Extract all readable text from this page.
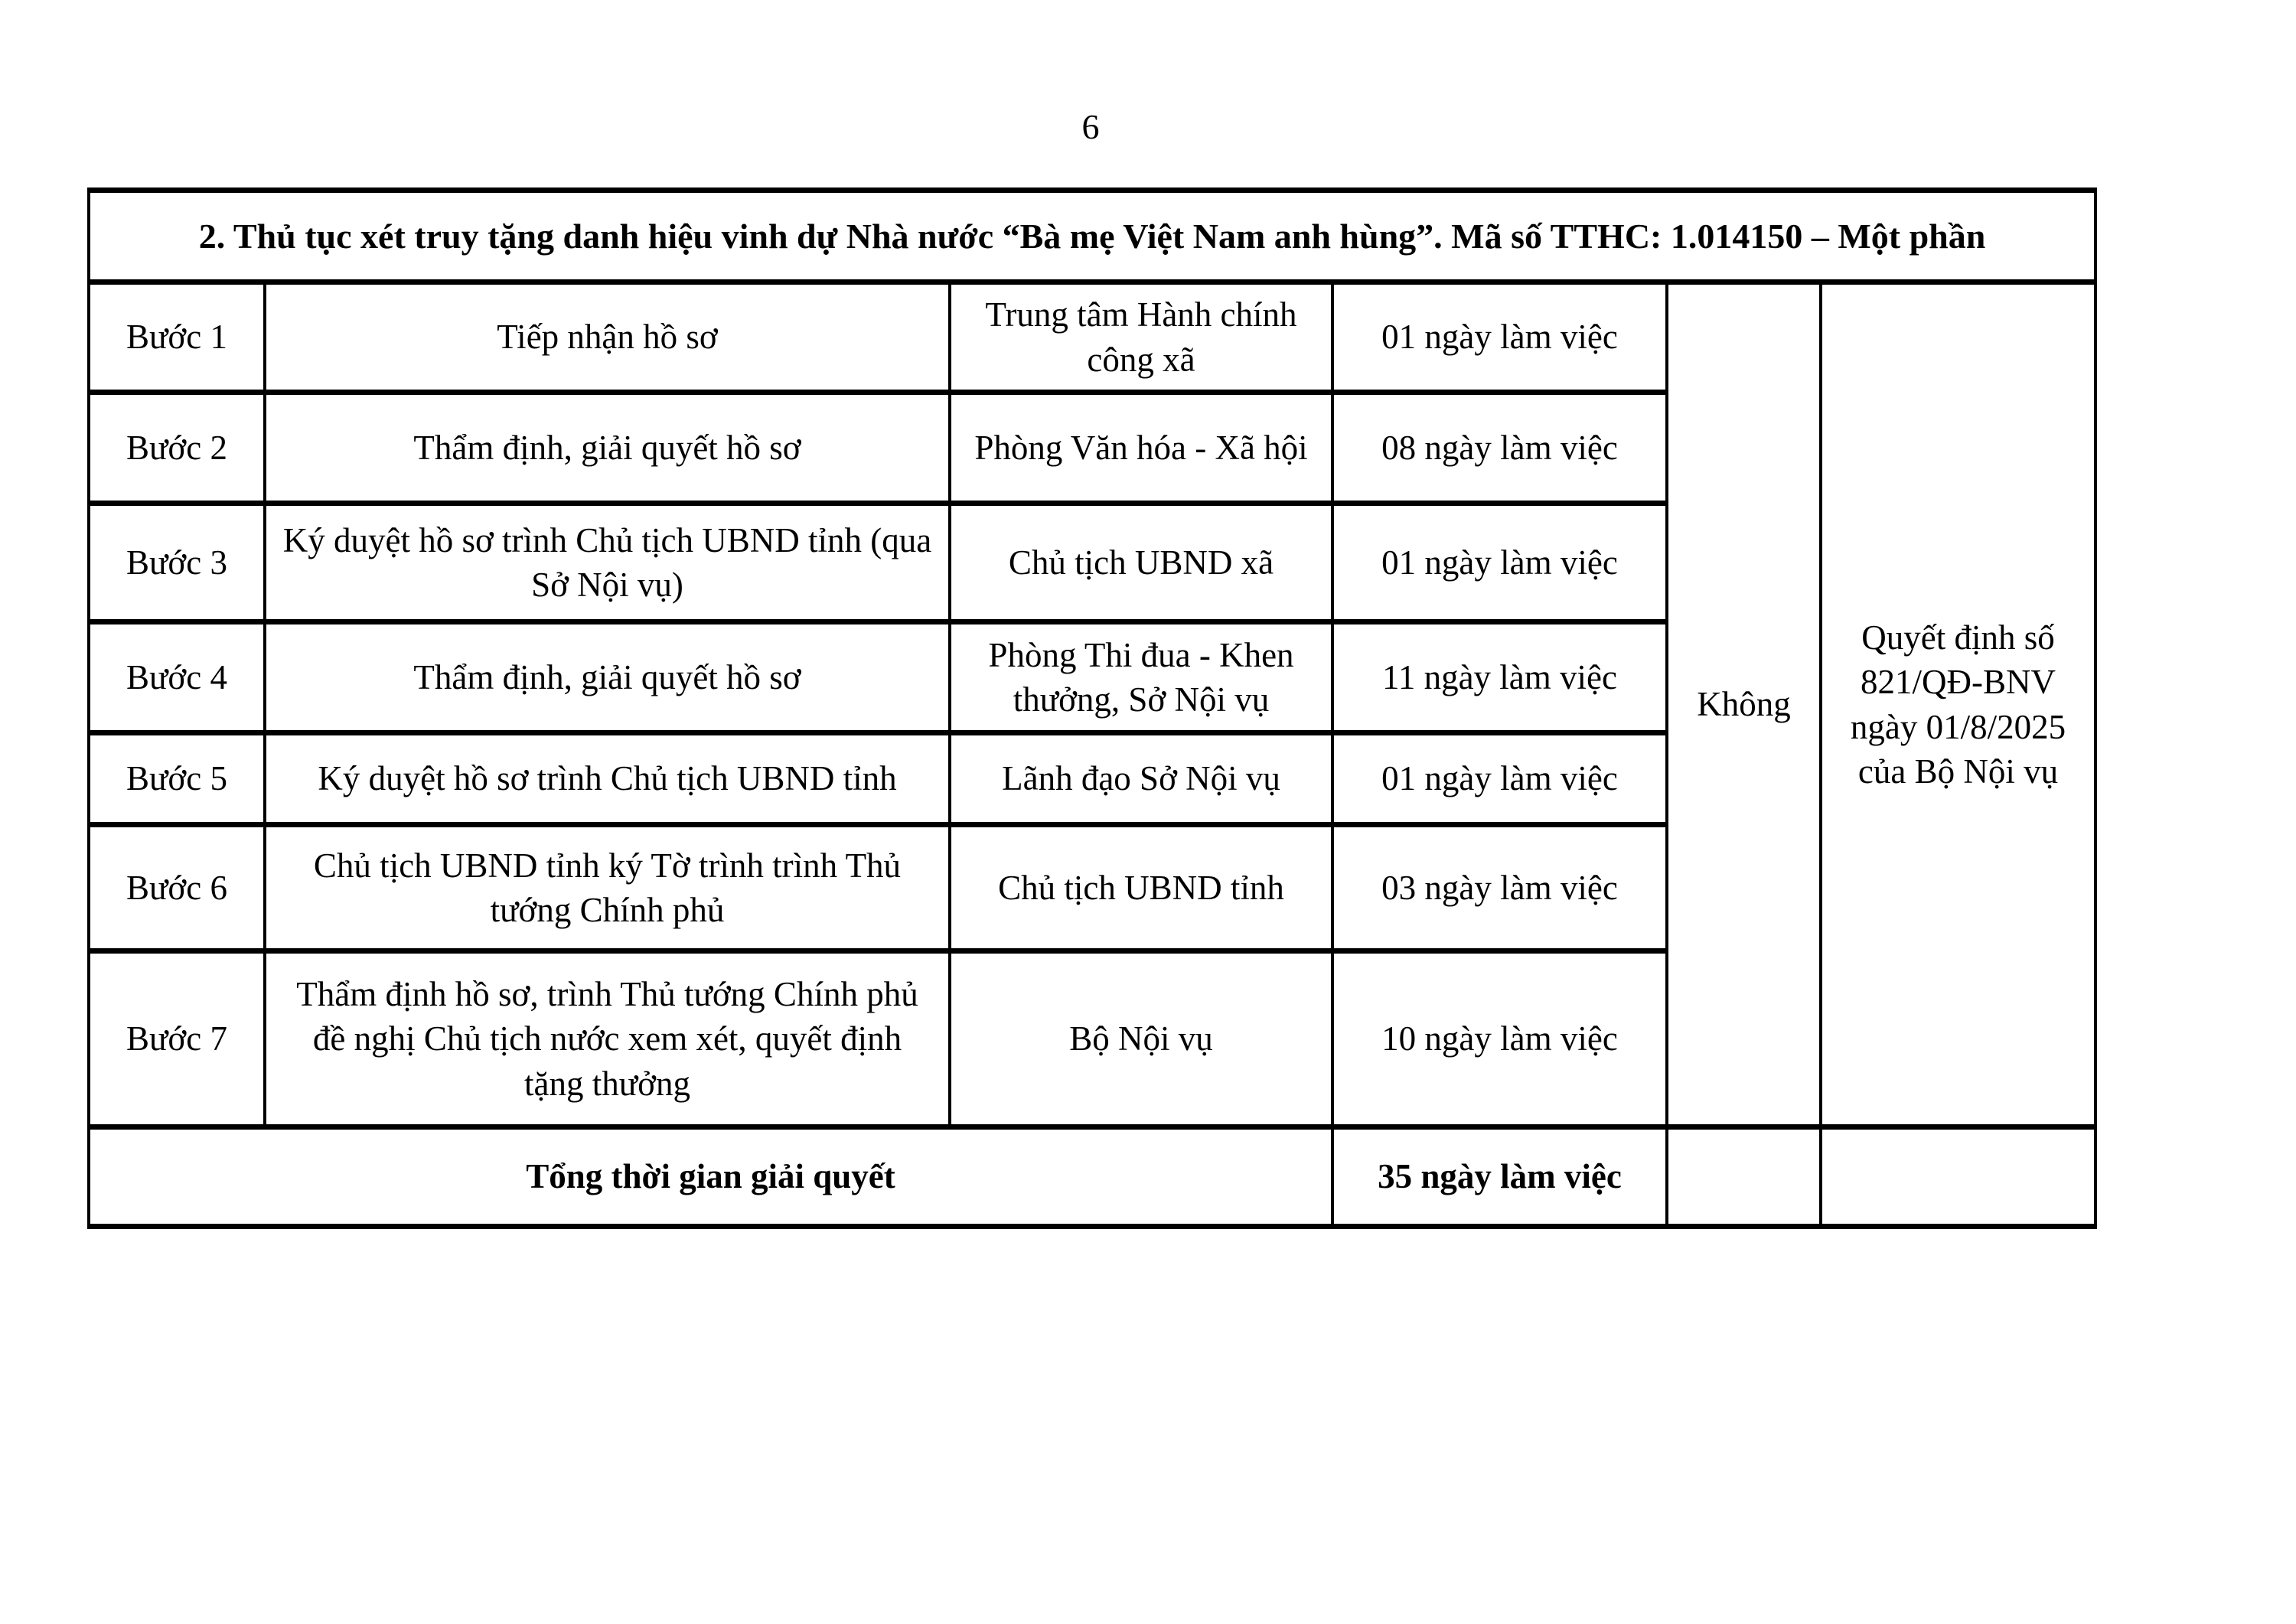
6
2. Thủ tục xét truy tặng danh hiệu vinh dự Nhà nước “Bà mẹ Việt Nam anh hùng”. Mã số TTHC: 1.014150 – Một phần					
Bước 1	Tiếp nhận hồ sơ	Trung tâm Hành chính công xã	01 ngày làm việc	Không	Quyết định số 821/QĐ-BNV ngày 01/8/2025 của Bộ Nội vụ
Bước 2	Thẩm định, giải quyết hồ sơ	Phòng Văn hóa - Xã hội	08 ngày làm việc		
Bước 3	Ký duyệt hồ sơ trình Chủ tịch UBND tỉnh (qua Sở Nội vụ)	Chủ tịch UBND xã	01 ngày làm việc		
Bước 4	Thẩm định, giải quyết hồ sơ	Phòng Thi đua - Khen thưởng, Sở Nội vụ	11 ngày làm việc		
Bước 5	Ký duyệt hồ sơ trình Chủ tịch UBND tỉnh	Lãnh đạo Sở Nội vụ	01 ngày làm việc		
Bước 6	Chủ tịch UBND tỉnh ký Tờ trình trình Thủ tướng Chính phủ	Chủ tịch UBND tỉnh	03 ngày làm việc		
Bước 7	Thẩm định hồ sơ, trình Thủ tướng Chính phủ đề nghị Chủ tịch nước xem xét, quyết định tặng thưởng	Bộ Nội vụ	10 ngày làm việc		
Tổng thời gian giải quyết			35 ngày làm việc		
